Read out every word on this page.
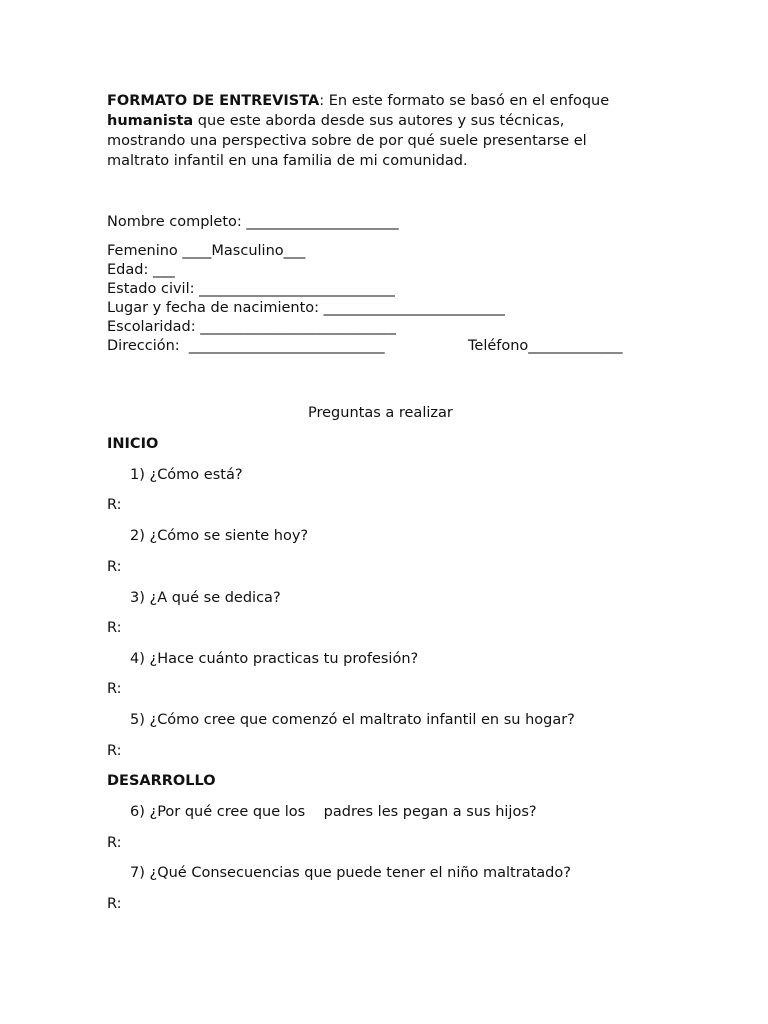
FORMATO DE ENTREVISTA: En este formato se basó en el enfoque

humanista que este aborda desde sus autores y sus técnicas,

mostrando una perspectiva sobre de por qué suele presentarse el

maltrato infantil en una familia de mi comunidad.

Nombre completo: _____________________
Femenino ____Masculino___
Edad: ___
Estado civil: ___________________________
Lugar y fecha de nacimiento: _________________________
Escolaridad: ___________________________
Dirección:  ___________________________	Teléfono_____________
Preguntas a realizar
INICIO
1) ¿Cómo está?
R:
2) ¿Cómo se siente hoy?
R:
3) ¿A qué se dedica?
R:
4) ¿Hace cuánto practicas tu profesión?
R:
5) ¿Cómo cree que comenzó el maltrato infantil en su hogar?
R:
DESARROLLO
6) ¿Por qué cree que los    padres les pegan a sus hijos?
R:
7) ¿Qué Consecuencias que puede tener el niño maltratado?
R:
